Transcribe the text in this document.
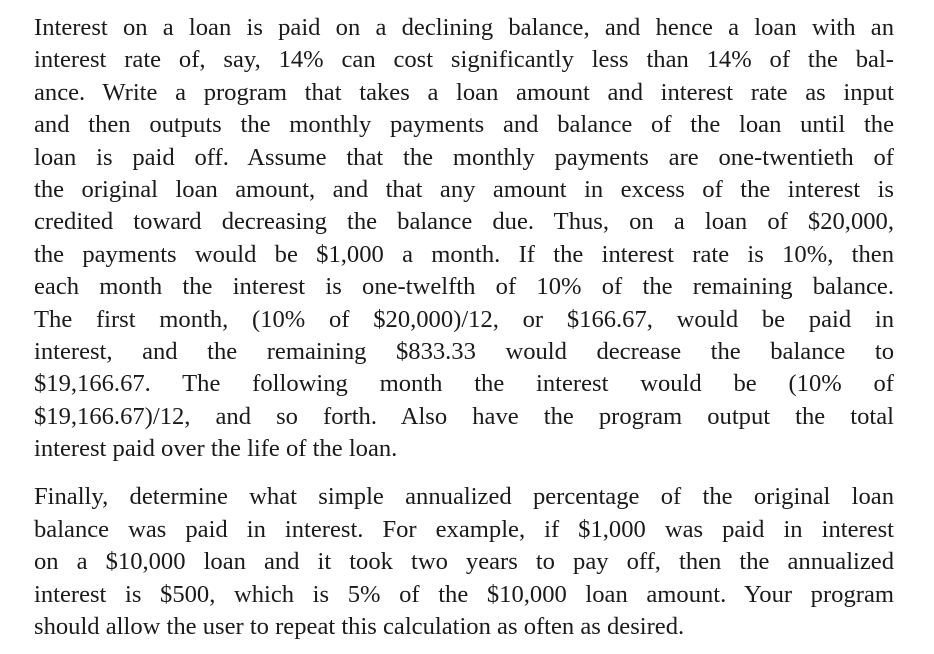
Interest on a loan is paid on a declining balance, and hence a loan with an
interest rate of, say, 14% can cost significantly less than 14% of the bal-
ance. Write a program that takes a loan amount and interest rate as input
and then outputs the monthly payments and balance of the loan until the
loan is paid off. Assume that the monthly payments are one-twentieth of
the original loan amount, and that any amount in excess of the interest is
credited toward decreasing the balance due. Thus, on a loan of $20,000,
the payments would be $1,000 a month. If the interest rate is 10%, then
each month the interest is one-twelfth of 10% of the remaining balance.
The first month, (10% of $20,000)/12, or $166.67, would be paid in
interest, and the remaining $833.33 would decrease the balance to
$19,166.67. The following month the interest would be (10% of
$19,166.67)/12, and so forth. Also have the program output the total
interest paid over the life of the loan.
Finally, determine what simple annualized percentage of the original loan
balance was paid in interest. For example, if $1,000 was paid in interest
on a $10,000 loan and it took two years to pay off, then the annualized
interest is $500, which is 5% of the $10,000 loan amount. Your program
should allow the user to repeat this calculation as often as desired.
